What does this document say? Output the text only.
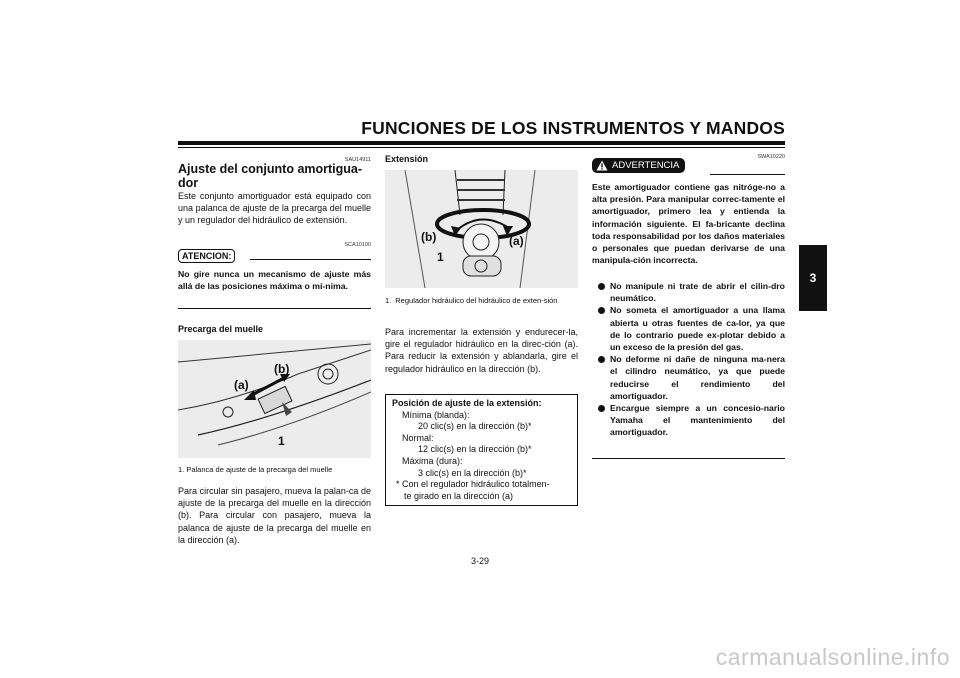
FUNCIONES DE LOS INSTRUMENTOS Y MANDOS
3
SAU14911
Ajuste del conjunto amortigua-dor
Este conjunto amortiguador está equipado con una palanca de ajuste de la precarga del muelle y un regulador del hidráulico de extensión.
SCA10100
ATENCION:
No gire nunca un mecanismo de ajuste más allá de las posiciones máxima o mí-nima.
Precarga del muelle
(a)
(b)
1
1. Palanca de ajuste de la precarga del muelle
Para circular sin pasajero, mueva la palan-ca de ajuste de la precarga del muelle en la dirección (b). Para circular con pasajero, mueva la palanca de ajuste de la precarga del muelle en la dirección (a).
Extensión
(b)	(a)
1
1. Regulador hidráulico del hidráulico de exten-sión
Para incrementar la extensión y endurecer-la, gire el regulador hidráulico en la direc-ción (a). Para reducir la extensión y ablandarla, gire el regulador hidráulico en la dirección (b).
Posición de ajuste de la extensión:
Mínima (blanda):
20 clic(s) en la dirección (b)*
Normal:
12 clic(s) en la dirección (b)*
Máxima (dura):
3 clic(s) en la dirección (b)*
* Con el regulador hidráulico totalmen-
te girado en la dirección (a)
ADVERTENCIA
SWA10220
Este amortiguador contiene gas nitróge-no a alta presión. Para manipular correc-tamente el amortiguador, primero lea y entienda la información siguiente. El fa-bricante declina toda responsabilidad por los daños materiales o personales que puedan derivarse de una manipula-ción incorrecta.
No manipule ni trate de abrir el cilin-dro neumático.
No someta el amortiguador a una llama abierta u otras fuentes de ca-lor, ya que de lo contrario puede ex-plotar debido a un exceso de la presión del gas.
No deforme ni dañe de ninguna ma-nera el cilindro neumático, ya que puede reducirse el rendimiento del amortiguador.
Encargue siempre a un concesio-nario Yamaha el mantenimiento del amortiguador.
3-29
carmanualsonline.info
